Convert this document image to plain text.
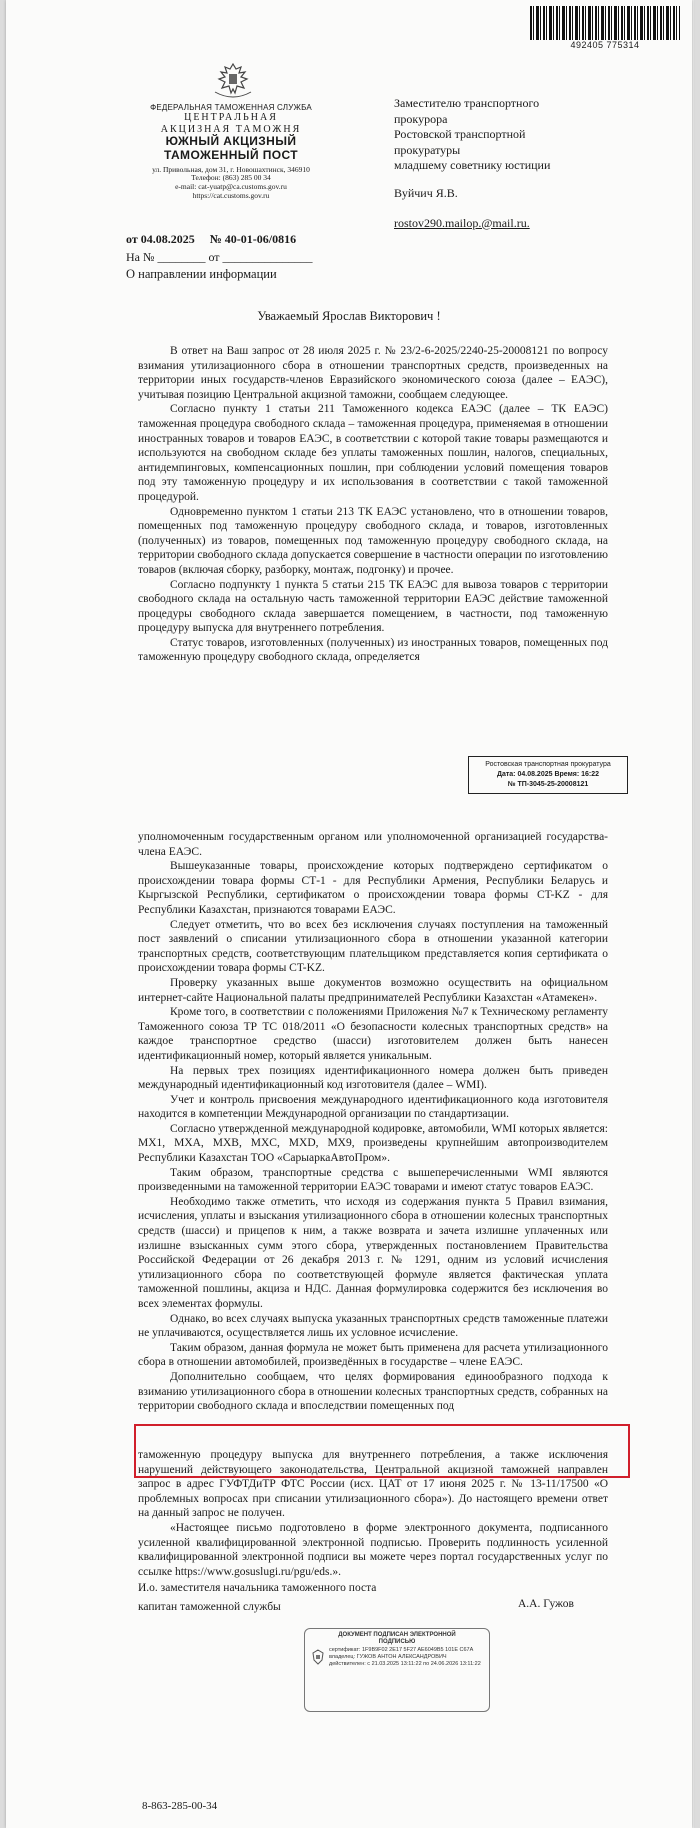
492405 775314
ФЕДЕРАЛЬНАЯ ТАМОЖЕННАЯ СЛУЖБА
ЦЕНТРАЛЬНАЯ
АКЦИЗНАЯ ТАМОЖНЯ
ЮЖНЫЙ АКЦИЗНЫЙ
ТАМОЖЕННЫЙ ПОСТ
ул. Привольная, дом 31, г. Новошахтинск, 346910
Телефон: (863) 285 00 34
e-mail: cat-yuatp@ca.customs.gov.ru
https://cat.customs.gov.ru
от 04.08.2025 № 40-01-06/0816
На № ________ от _______________
О направлении информации
Заместителю транспортного
прокурора
Ростовской транспортной
прокуратуры
младшему советнику юстиции
Вуйчич Я.В.
rostov290.mailop.@mail.ru.
Уважаемый Ярослав Викторович !

В ответ на Ваш запрос от 28 июля 2025 г. № 23/2-6-2025/2240-25-20008121 по вопросу взимания утилизационного сбора в отношении транспортных средств, произведенных на территории иных государств-членов Евразийского экономического союза (далее – ЕАЭС), учитывая позицию Центральной акцизной таможни, сообщаем следующее.

Согласно пункту 1 статьи 211 Таможенного кодекса ЕАЭС (далее – ТК ЕАЭС) таможенная процедура свободного склада – таможенная процедура, применяемая в отношении иностранных товаров и товаров ЕАЭС, в соответствии с которой такие товары размещаются и используются на свободном складе без уплаты таможенных пошлин, налогов, специальных, антидемпинговых, компенсационных пошлин, при соблюдении условий помещения товаров под эту таможенную процедуру и их использования в соответствии с такой таможенной процедурой.

Одновременно пунктом 1 статьи 213 ТК ЕАЭС установлено, что в отношении товаров, помещенных под таможенную процедуру свободного склада, и товаров, изготовленных (полученных) из товаров, помещенных под таможенную процедуру свободного склада, на территории свободного склада допускается совершение в частности операции по изготовлению товаров (включая сборку, разборку, монтаж, подгонку) и прочее.

Согласно подпункту 1 пункта 5 статьи 215 ТК ЕАЭС для вывоза товаров с территории свободного склада на остальную часть таможенной территории ЕАЭС действие таможенной процедуры свободного склада завершается помещением, в частности, под таможенную процедуру выпуска для внутреннего потребления.

Статус товаров, изготовленных (полученных) из иностранных товаров, помещенных под таможенную процедуру свободного склада, определяется

Ростовская транспортная прокуратура
Дата: 04.08.2025 Время: 16:22
№ ТП-3045-25-20008121

уполномоченным государственным органом или уполномоченной организацией государства-члена ЕАЭС.

Вышеуказанные товары, происхождение которых подтверждено сертификатом о происхождении товара формы СТ-1 - для Республики Армения, Республики Беларусь и Кыргызской Республики, сертификатом о происхождении товара формы CT-KZ - для Республики Казахстан, признаются товарами ЕАЭС.

Следует отметить, что во всех без исключения случаях поступления на таможенный пост заявлений о списании утилизационного сбора в отношении указанной категории транспортных средств, соответствующим плательщиком представляется копия сертификата о происхождении товара формы CT-KZ.

Проверку указанных выше документов возможно осуществить на официальном интернет-сайте Национальной палаты предпринимателей Республики Казахстан «Атамекен».

Кроме того, в соответствии с положениями Приложения №7 к Техническому регламенту Таможенного союза ТР ТС 018/2011 «О безопасности колесных транспортных средств» на каждое транспортное средство (шасси) изготовителем должен быть нанесен идентификационный номер, который является уникальным.

На первых трех позициях идентификационного номера должен быть приведен международный идентификационный код изготовителя (далее – WMI).

Учет и контроль присвоения международного идентификационного кода изготовителя находится в компетенции Международной организации по стандартизации.

Согласно утвержденной международной кодировке, автомобили, WMI которых является: MX1, MXA, MXB, MXC, MXD, MX9, произведены крупнейшим автопроизводителем Республики Казахстан ТОО «СарыаркаАвтоПром».

Таким образом, транспортные средства с вышеперечисленными WMI являются произведенными на таможенной территории ЕАЭС товарами и имеют статус товаров ЕАЭС.

Необходимо также отметить, что исходя из содержания пункта 5 Правил взимания, исчисления, уплаты и взыскания утилизационного сбора в отношении колесных транспортных средств (шасси) и прицепов к ним, а также возврата и зачета излишне уплаченных или излишне взысканных сумм этого сбора, утвержденных постановлением Правительства Российской Федерации от 26 декабря 2013 г. № 1291, одним из условий исчисления утилизационного сбора по соответствующей формуле является фактическая уплата таможенной пошлины, акциза и НДС. Данная формулировка содержится без исключения во всех элементах формулы.

Однако, во всех случаях выпуска указанных транспортных средств таможенные платежи не уплачиваются, осуществляется лишь их условное исчисление.

Таким образом, данная формула не может быть применена для расчета утилизационного сбора в отношении автомобилей, произведённых в государстве – члене ЕАЭС.

Дополнительно сообщаем, что целях формирования единообразного подхода к взиманию утилизационного сбора в отношении колесных транспортных средств, собранных на территории свободного склада и впоследствии помещенных под

таможенную процедуру выпуска для внутреннего потребления, а также исключения нарушений действующего законодательства, Центральной акцизной таможней направлен запрос в адрес ГУФТДиТР ФТС России (исх. ЦАТ от 17 июня 2025 г. № 13-11/17500 «О проблемных вопросах при списании утилизационного сбора»). До настоящего времени ответ на данный запрос не получен.

«Настоящее письмо подготовлено в форме электронного документа, подписанного усиленной квалифицированной электронной подписью. Проверить подлинность усиленной квалифицированной электронной подписи вы можете через портал государственных услуг по ссылке https://www.gosuslugi.ru/pgu/eds.».

И.о. заместителя начальника таможенного поста
капитан таможенной службы	А.А. Гужов
ДОКУМЕНТ ПОДПИСАН ЭЛЕКТРОННОЙ
ПОДПИСЬЮ
сертификат: 1F9B9F02 2E17 5F27 AE6049B5 101E C67A
владелец: ГУЖОВ АНТОН АЛЕКСАНДРОВИЧ
действителен: с 21.03.2025 13:11:22 по 24.06.2026 13:11:22
8-863-285-00-34
